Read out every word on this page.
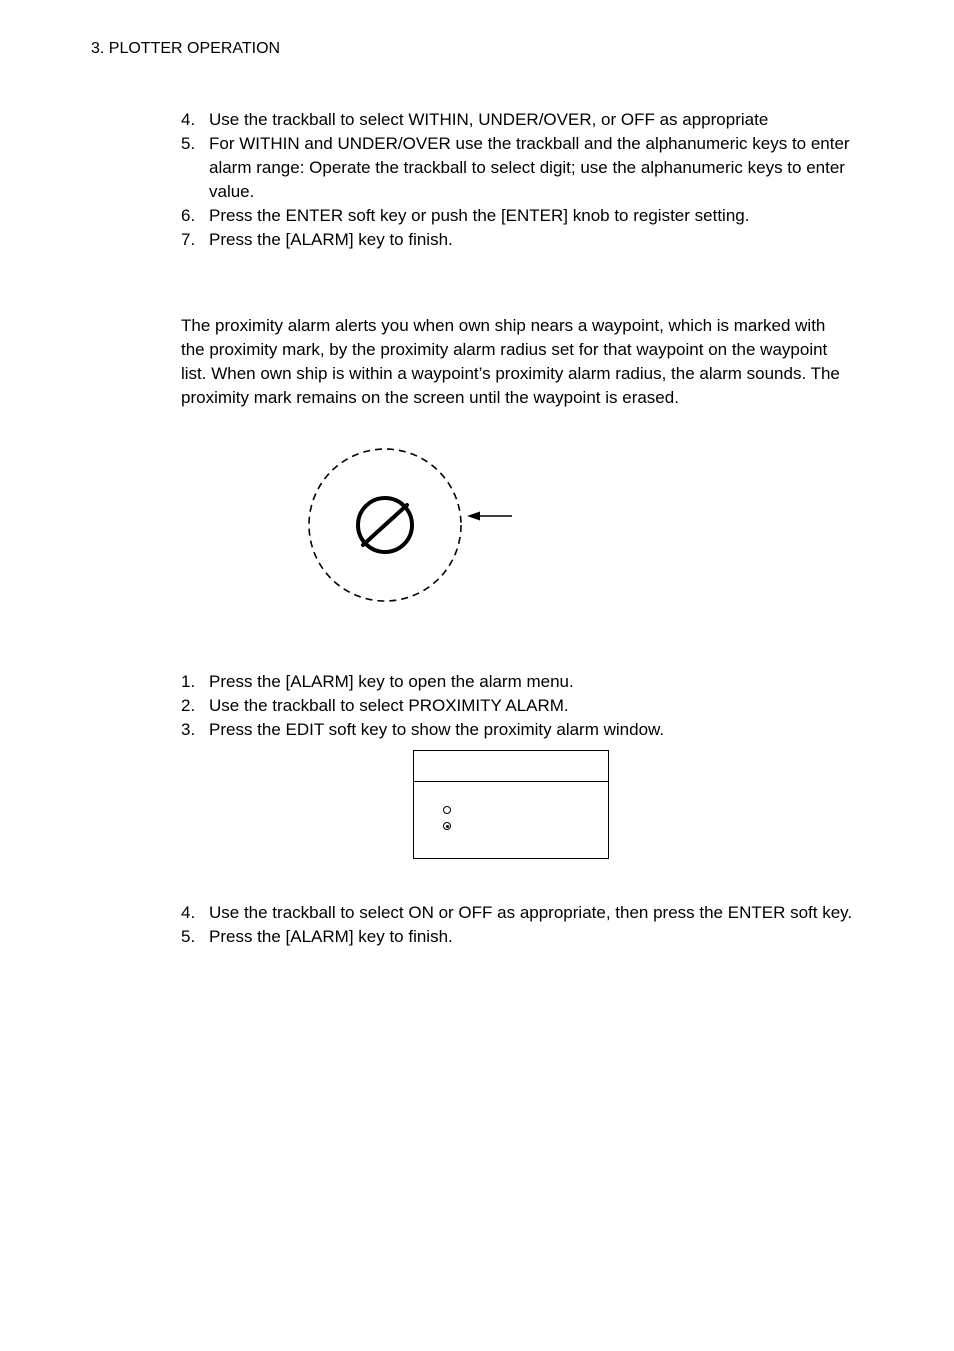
3. PLOTTER OPERATION
4. Use the trackball to select WITHIN, UNDER/OVER, or OFF as appropriate
5. For WITHIN and UNDER/OVER use the trackball and the alphanumeric keys to enter alarm range: Operate the trackball to select digit; use the alphanumeric keys to enter value.
6. Press the ENTER soft key or push the [ENTER] knob to register setting.
7. Press the [ALARM] key to finish.
The proximity alarm alerts you when own ship nears a waypoint, which is marked with the proximity mark, by the proximity alarm radius set for that waypoint on the waypoint list. When own ship is within a waypoint’s proximity alarm radius, the alarm sounds. The proximity mark remains on the screen until the waypoint is erased.
1. Press the [ALARM] key to open the alarm menu.
2. Use the trackball to select PROXIMITY ALARM.
3. Press the EDIT soft key to show the proximity alarm window.
4. Use the trackball to select ON or OFF as appropriate, then press the ENTER soft key.
5. Press the [ALARM] key to finish.
